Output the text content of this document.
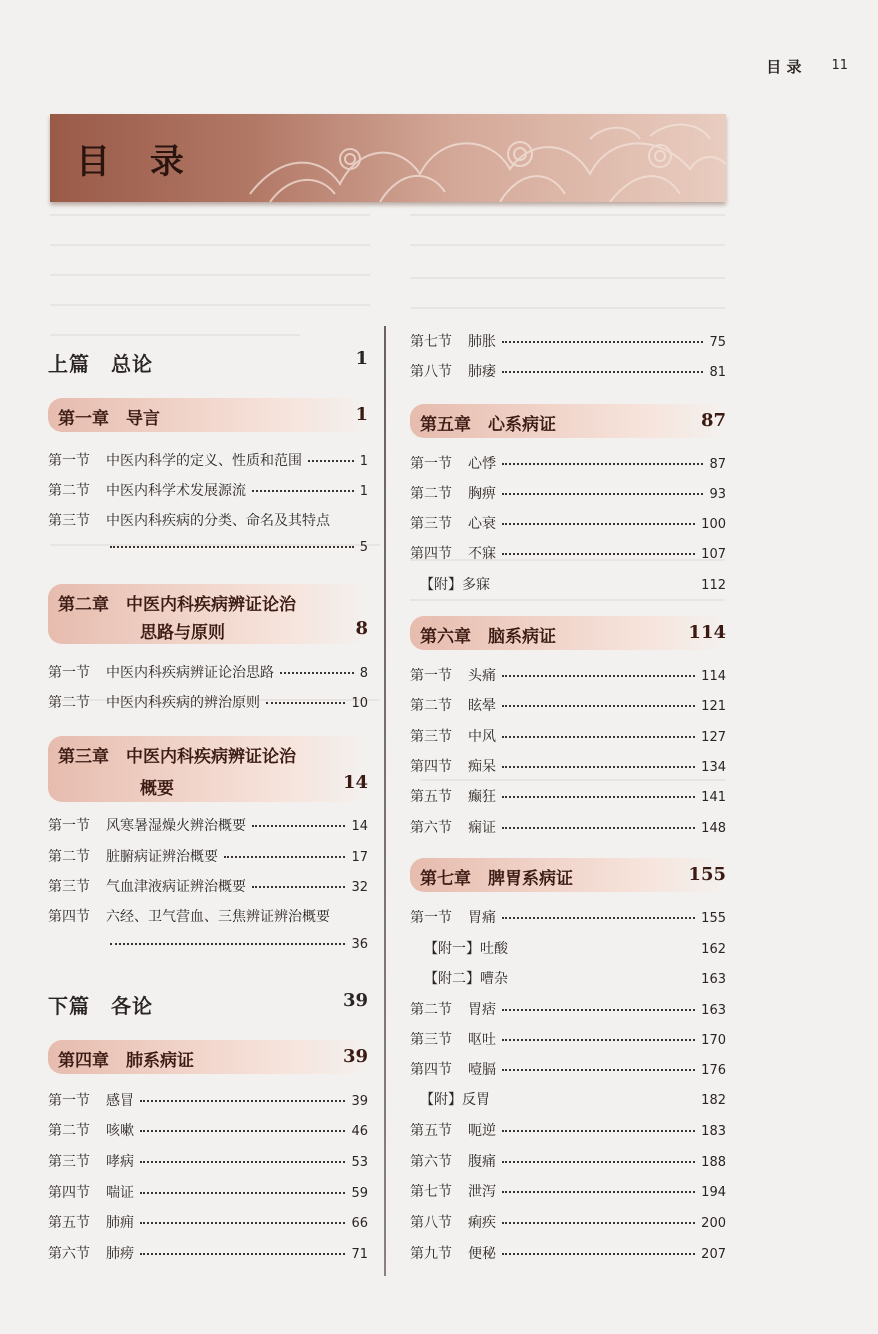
目 录 11
目 录
上篇　总论	1
第一章　导言	1
第一节	中医内科学的定义、性质和范围	1
第二节	中医内科学术发展源流	1
第三节	中医内科疾病的分类、命名及其特点
5
第二章　中医内科疾病辨证论治
思路与原则	8
第一节	中医内科疾病辨证论治思路	8
第二节	中医内科疾病的辨治原则	10
第三章　中医内科疾病辨证论治
概要	14
第一节	风寒暑湿燥火辨治概要	14
第二节	脏腑病证辨治概要	17
第三节	气血津液病证辨治概要	32
第四节	六经、卫气营血、三焦辨证辨治概要
36
下篇　各论	39
第四章　肺系病证	39
第一节	感冒	39
第二节	咳嗽	46
第三节	哮病	53
第四节	喘证	59
第五节	肺痈	66
第六节	肺痨	71
第七节	肺胀	75
第八节	肺痿	81
第五章　心系病证	87
第一节	心悸	87
第二节	胸痹	93
第三节	心衰	100
第四节	不寐	107
【附】 多寐	112
第六章　脑系病证	114
第一节	头痛	114
第二节	眩晕	121
第三节	中风	127
第四节	痴呆	134
第五节	癫狂	141
第六节	痫证	148
第七章　脾胃系病证	155
第一节	胃痛	155
【附一】 吐酸	162
【附二】 嘈杂	163
第二节	胃痞	163
第三节	呕吐	170
第四节	噎膈	176
【附】 反胃	182
第五节	呃逆	183
第六节	腹痛	188
第七节	泄泻	194
第八节	痢疾	200
第九节	便秘	207
